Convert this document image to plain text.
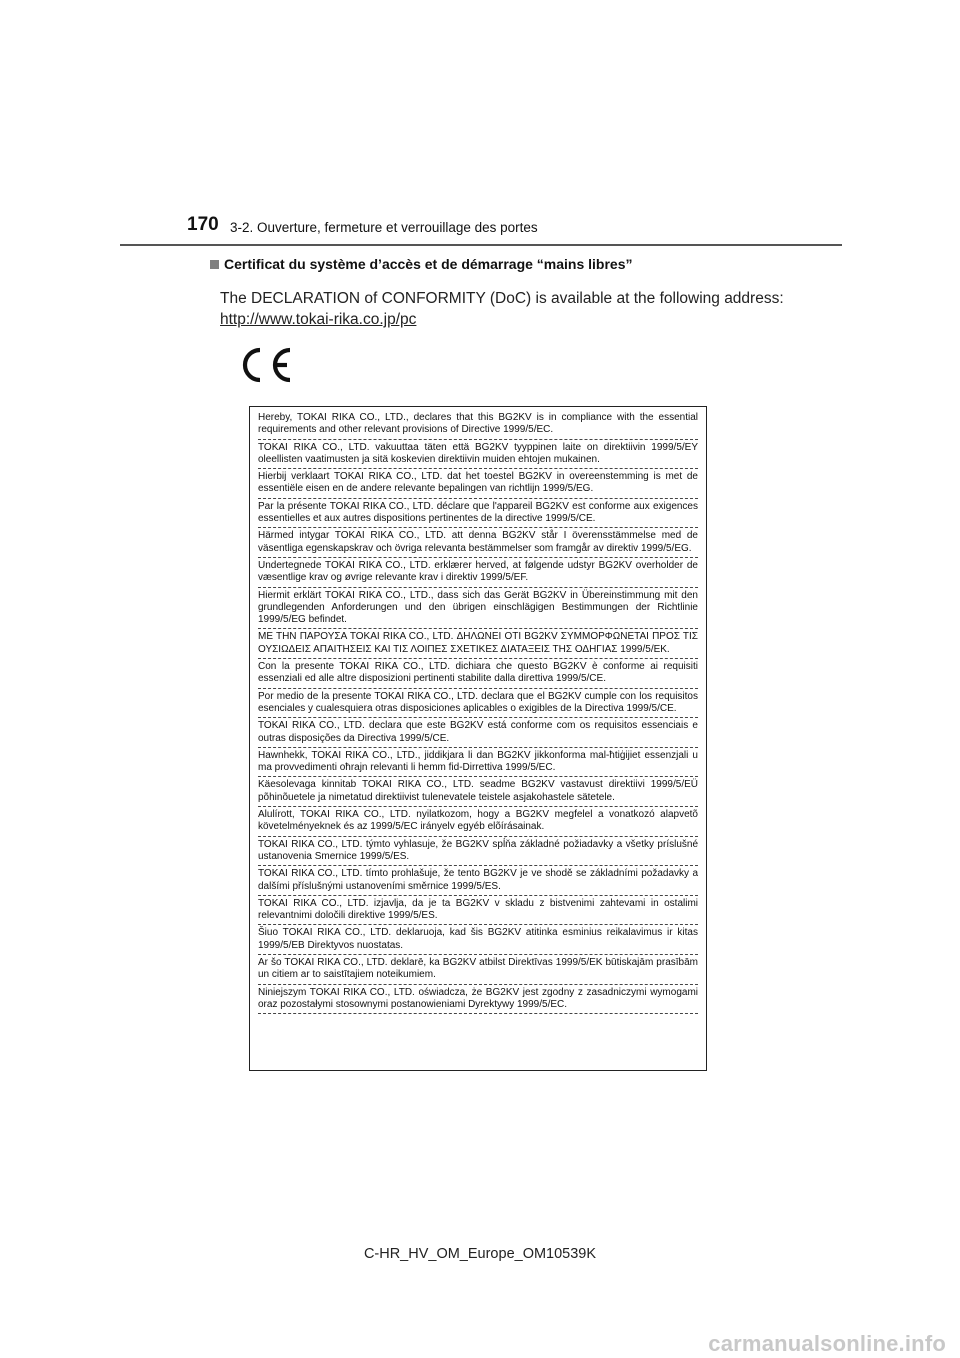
170 3-2. Ouverture, fermeture et verrouillage des portes
Certificat du système d’accès et de démarrage “mains libres”
The DECLARATION of CONFORMITY (DoC) is available at the following address:
http://www.tokai-rika.co.jp/pc
Hereby, TOKAI RIKA CO., LTD., declares that this BG2KV is in compliance with the essential requirements and other relevant provisions of Directive 1999/5/EC.
TOKAI RIKA CO., LTD. vakuuttaa täten että BG2KV tyyppinen laite on direktiivin 1999/5/EY oleellisten vaatimusten ja sitä koskevien direktiivin muiden ehtojen mukainen.
Hierbij verklaart TOKAI RIKA CO., LTD. dat het toestel BG2KV in overeenstemming is met de essentiële eisen en de andere relevante bepalingen van richtlijn 1999/5/EG.
Par la présente TOKAI RIKA CO., LTD. déclare que l'appareil BG2KV est conforme aux exigences essentielles et aux autres dispositions pertinentes de la directive 1999/5/CE.
Härmed intygar TOKAI RIKA CO., LTD. att denna BG2KV står I överensstämmelse med de väsentliga egenskapskrav och övriga relevanta bestämmelser som framgår av direktiv 1999/5/EG.
Undertegnede TOKAI RIKA CO., LTD. erklærer herved, at følgende udstyr BG2KV overholder de væsentlige krav og øvrige relevante krav i direktiv 1999/5/EF.
Hiermit erklärt TOKAI RIKA CO., LTD., dass sich das Gerät BG2KV in Übereinstimmung mit den grundlegenden Anforderungen und den übrigen einschlägigen Bestimmungen der Richtlinie 1999/5/EG befindet.
ΜΕ ΤΗΝ ΠΑΡΟΥΣΑ TOKAI RIKA CO., LTD. ΔΗΛΩΝΕΙ ΟΤΙ BG2KV ΣΥΜΜΟΡΦΩΝΕΤΑΙ ΠΡΟΣ ΤΙΣ ΟΥΣΙΩΔΕΙΣ ΑΠΑΙΤΗΣΕΙΣ ΚΑΙ ΤΙΣ ΛΟΙΠΕΣ ΣΧΕΤΙΚΕΣ ΔΙΑΤΑΞΕΙΣ ΤΗΣ ΟΔΗΓΙΑΣ 1999/5/ΕΚ.
Con la presente TOKAI RIKA CO., LTD. dichiara che questo BG2KV è conforme ai requisiti essenziali ed alle altre disposizioni pertinenti stabilite dalla direttiva 1999/5/CE.
Por medio de la presente TOKAI RIKA CO., LTD. declara que el BG2KV cumple con los requisitos esenciales y cualesquiera otras disposiciones aplicables o exigibles de la Directiva 1999/5/CE.
TOKAI RIKA CO., LTD. declara que este BG2KV está conforme com os requisitos essenciais e outras disposições da Directiva 1999/5/CE.
Hawnhekk, TOKAI RIKA CO., LTD., jiddikjara li dan BG2KV jikkonforma mal-ħtiġijiet essenzjali u ma provvedimenti oħrajn relevanti li hemm fid-Dirrettiva 1999/5/EC.
Käesolevaga kinnitab TOKAI RIKA CO., LTD. seadme BG2KV vastavust direktiivi 1999/5/EÜ põhinõuetele ja nimetatud direktiivist tulenevatele teistele asjakohastele sätetele.
Alulírott, TOKAI RIKA CO., LTD. nyilatkozom, hogy a BG2KV megfelel a vonatkozó alapvetõ követelményeknek és az 1999/5/EC irányelv egyéb elõírásainak.
TOKAI RIKA CO., LTD. týmto vyhlasuje, že BG2KV spĺňa základné požiadavky a všetky príslušné ustanovenia Smernice 1999/5/ES.
TOKAI RIKA CO., LTD. tímto prohlašuje, že tento BG2KV je ve shodě se základními požadavky a dalšími příslušnými ustanoveními směrnice 1999/5/ES.
TOKAI RIKA CO., LTD. izjavlja, da je ta BG2KV v skladu z bistvenimi zahtevami in ostalimi relevantnimi določili direktive 1999/5/ES.
Šiuo TOKAI RIKA CO., LTD. deklaruoja, kad šis BG2KV atitinka esminius reikalavimus ir kitas 1999/5/EB Direktyvos nuostatas.
Ar šo TOKAI RIKA CO., LTD. deklarē, ka BG2KV atbilst Direktīvas 1999/5/EK būtiskajām prasībām un citiem ar to saistītajiem noteikumiem.
Niniejszym TOKAI RIKA CO., LTD. oświadcza, że BG2KV jest zgodny z zasadniczymi wymogami oraz pozostałymi stosownymi postanowieniami Dyrektywy 1999/5/EC.
C-HR_HV_OM_Europe_OM10539K
carmanualsonline.info
